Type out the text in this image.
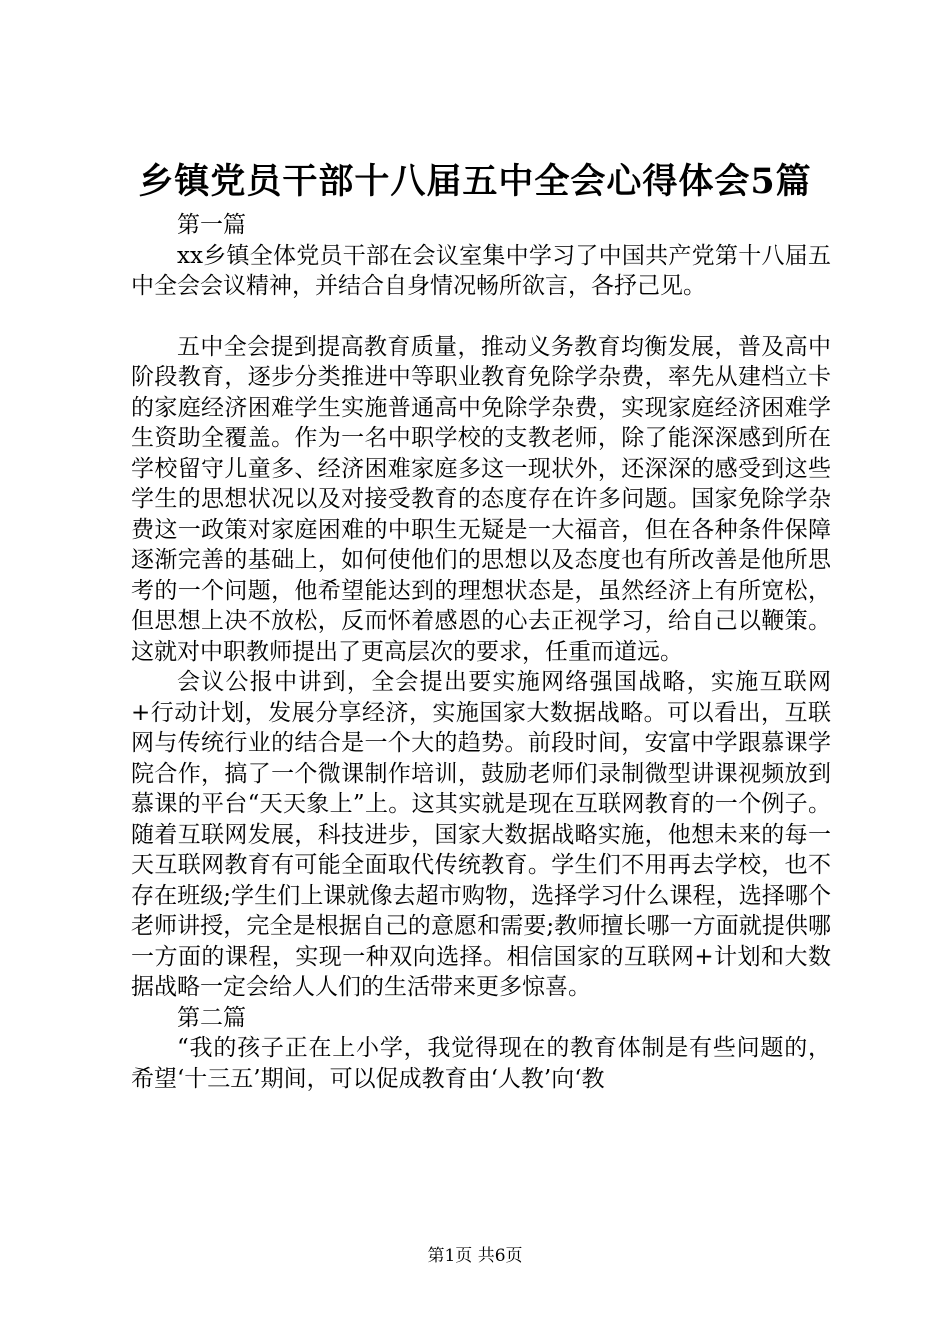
乡镇党员干部十八届五中全会心得体会5篇

第一篇

xx乡镇全体党员干部在会议室集中学习了中国共产党第十八届五中全会会议精神，并结合自身情况畅所欲言，各抒己见。

五中全会提到提高教育质量，推动义务教育均衡发展，普及高中阶段教育，逐步分类推进中等职业教育免除学杂费，率先从建档立卡的家庭经济困难学生实施普通高中免除学杂费，实现家庭经济困难学生资助全覆盖。作为一名中职学校的支教老师，除了能深深感到所在学校留守儿童多、经济困难家庭多这一现状外，还深深的感受到这些学生的思想状况以及对接受教育的态度存在许多问题。国家免除学杂费这一政策对家庭困难的中职生无疑是一大福音，但在各种条件保障逐渐完善的基础上，如何使他们的思想以及态度也有所改善是他所思考的一个问题，他希望能达到的理想状态是，虽然经济上有所宽松，但思想上决不放松，反而怀着感恩的心去正视学习，给自己以鞭策。这就对中职教师提出了更高层次的要求，任重而道远。

会议公报中讲到，全会提出要实施网络强国战略，实施互联网+行动计划，发展分享经济，实施国家大数据战略。可以看出，互联网与传统行业的结合是一个大的趋势。前段时间，安富中学跟慕课学院合作，搞了一个微课制作培训，鼓励老师们录制微型讲课视频放到慕课的平台“天天象上”上。这其实就是现在互联网教育的一个例子。随着互联网发展，科技进步，国家大数据战略实施，他想未来的每一天互联网教育有可能全面取代传统教育。学生们不用再去学校，也不存在班级;学生们上课就像去超市购物，选择学习什么课程，选择哪个老师讲授，完全是根据自己的意愿和需要;教师擅长哪一方面就提供哪一方面的课程，实现一种双向选择。相信国家的互联网+计划和大数据战略一定会给人人们的生活带来更多惊喜。

第二篇

“我的孩子正在上小学，我觉得现在的教育体制是有些问题的，希望‘十三五’期间，可以促成教育由‘人教’向‘教

第1页 共6页
